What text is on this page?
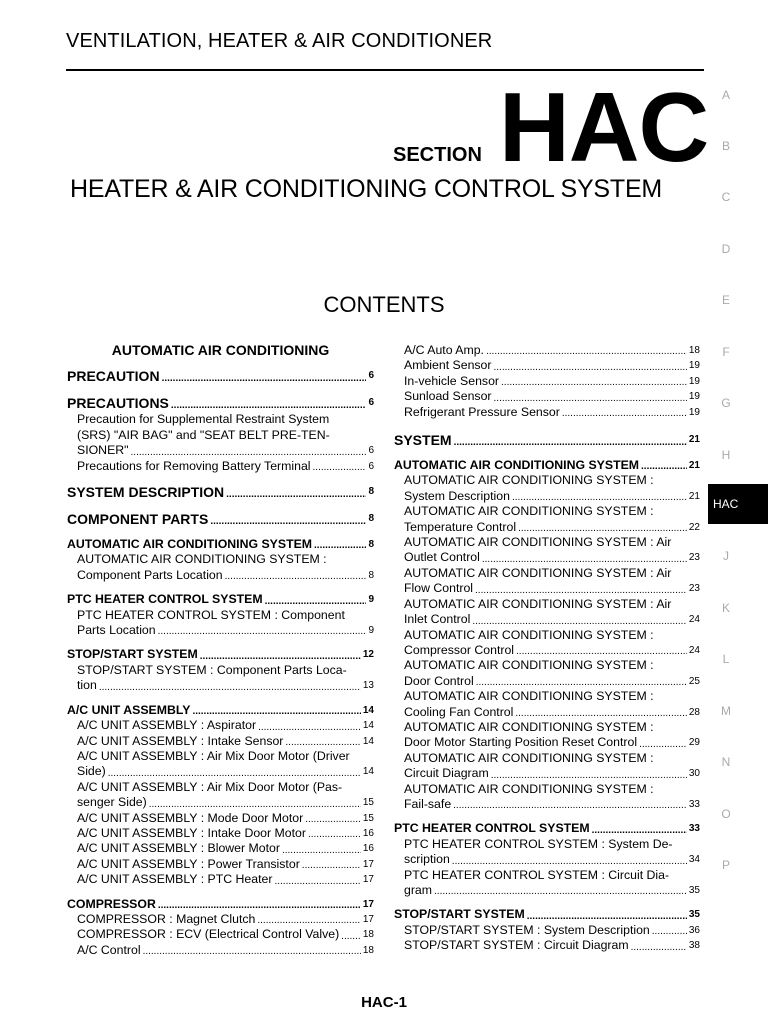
VENTILATION, HEATER & AIR CONDITIONER
SECTION HAC
HEATER & AIR CONDITIONING CONTROL SYSTEM
CONTENTS
AUTOMATIC AIR CONDITIONING
PRECAUTION .....	6
PRECAUTIONS .....	6
Precaution for Supplemental Restraint System
(SRS) "AIR BAG" and "SEAT BELT PRE-TEN-
SIONER" .....	6
Precautions for Removing Battery Terminal .....	6
SYSTEM DESCRIPTION .....	8
COMPONENT PARTS .....	8
AUTOMATIC AIR CONDITIONING SYSTEM .....	8
AUTOMATIC AIR CONDITIONING SYSTEM :
Component Parts Location .....	8
PTC HEATER CONTROL SYSTEM .....	9
PTC HEATER CONTROL SYSTEM : Component
Parts Location .....	9
STOP/START SYSTEM .....	12
STOP/START SYSTEM : Component Parts Loca-
tion .....	13
A/C UNIT ASSEMBLY .....	14
A/C UNIT ASSEMBLY : Aspirator .....	14
A/C UNIT ASSEMBLY : Intake Sensor .....	14
A/C UNIT ASSEMBLY : Air Mix Door Motor (Driver
Side) .....	14
A/C UNIT ASSEMBLY : Air Mix Door Motor (Pas-
senger Side) .....	15
A/C UNIT ASSEMBLY : Mode Door Motor .....	15
A/C UNIT ASSEMBLY : Intake Door Motor .....	16
A/C UNIT ASSEMBLY : Blower Motor .....	16
A/C UNIT ASSEMBLY : Power Transistor .....	17
A/C UNIT ASSEMBLY : PTC Heater .....	17
COMPRESSOR .....	17
COMPRESSOR : Magnet Clutch .....	17
COMPRESSOR : ECV (Electrical Control Valve) ..... 18
A/C Control .....	18
A/C Auto Amp. .....	18
Ambient Sensor .....	19
In-vehicle Sensor .....	19
Sunload Sensor .....	19
Refrigerant Pressure Sensor .....	19
SYSTEM .....	21
AUTOMATIC AIR CONDITIONING SYSTEM .....	21
AUTOMATIC AIR CONDITIONING SYSTEM :
System Description .....	21
AUTOMATIC AIR CONDITIONING SYSTEM :
Temperature Control .....	22
AUTOMATIC AIR CONDITIONING SYSTEM : Air
Outlet Control .....	23
AUTOMATIC AIR CONDITIONING SYSTEM : Air
Flow Control .....	23
AUTOMATIC AIR CONDITIONING SYSTEM : Air
Inlet Control .....	24
AUTOMATIC AIR CONDITIONING SYSTEM :
Compressor Control .....	24
AUTOMATIC AIR CONDITIONING SYSTEM :
Door Control .....	25
AUTOMATIC AIR CONDITIONING SYSTEM :
Cooling Fan Control .....	28
AUTOMATIC AIR CONDITIONING SYSTEM :
Door Motor Starting Position Reset Control .....	29
AUTOMATIC AIR CONDITIONING SYSTEM :
Circuit Diagram .....	30
AUTOMATIC AIR CONDITIONING SYSTEM :
Fail-safe .....	33
PTC HEATER CONTROL SYSTEM .....	33
PTC HEATER CONTROL SYSTEM : System De-
scription .....	34
PTC HEATER CONTROL SYSTEM : Circuit Dia-
gram .....	35
STOP/START SYSTEM .....	35
STOP/START SYSTEM : System Description .....	36
STOP/START SYSTEM : Circuit Diagram .....	38
A
B
C
D
E
F
G
H
J
K
L
M
N
O
P
HAC
HAC-1
